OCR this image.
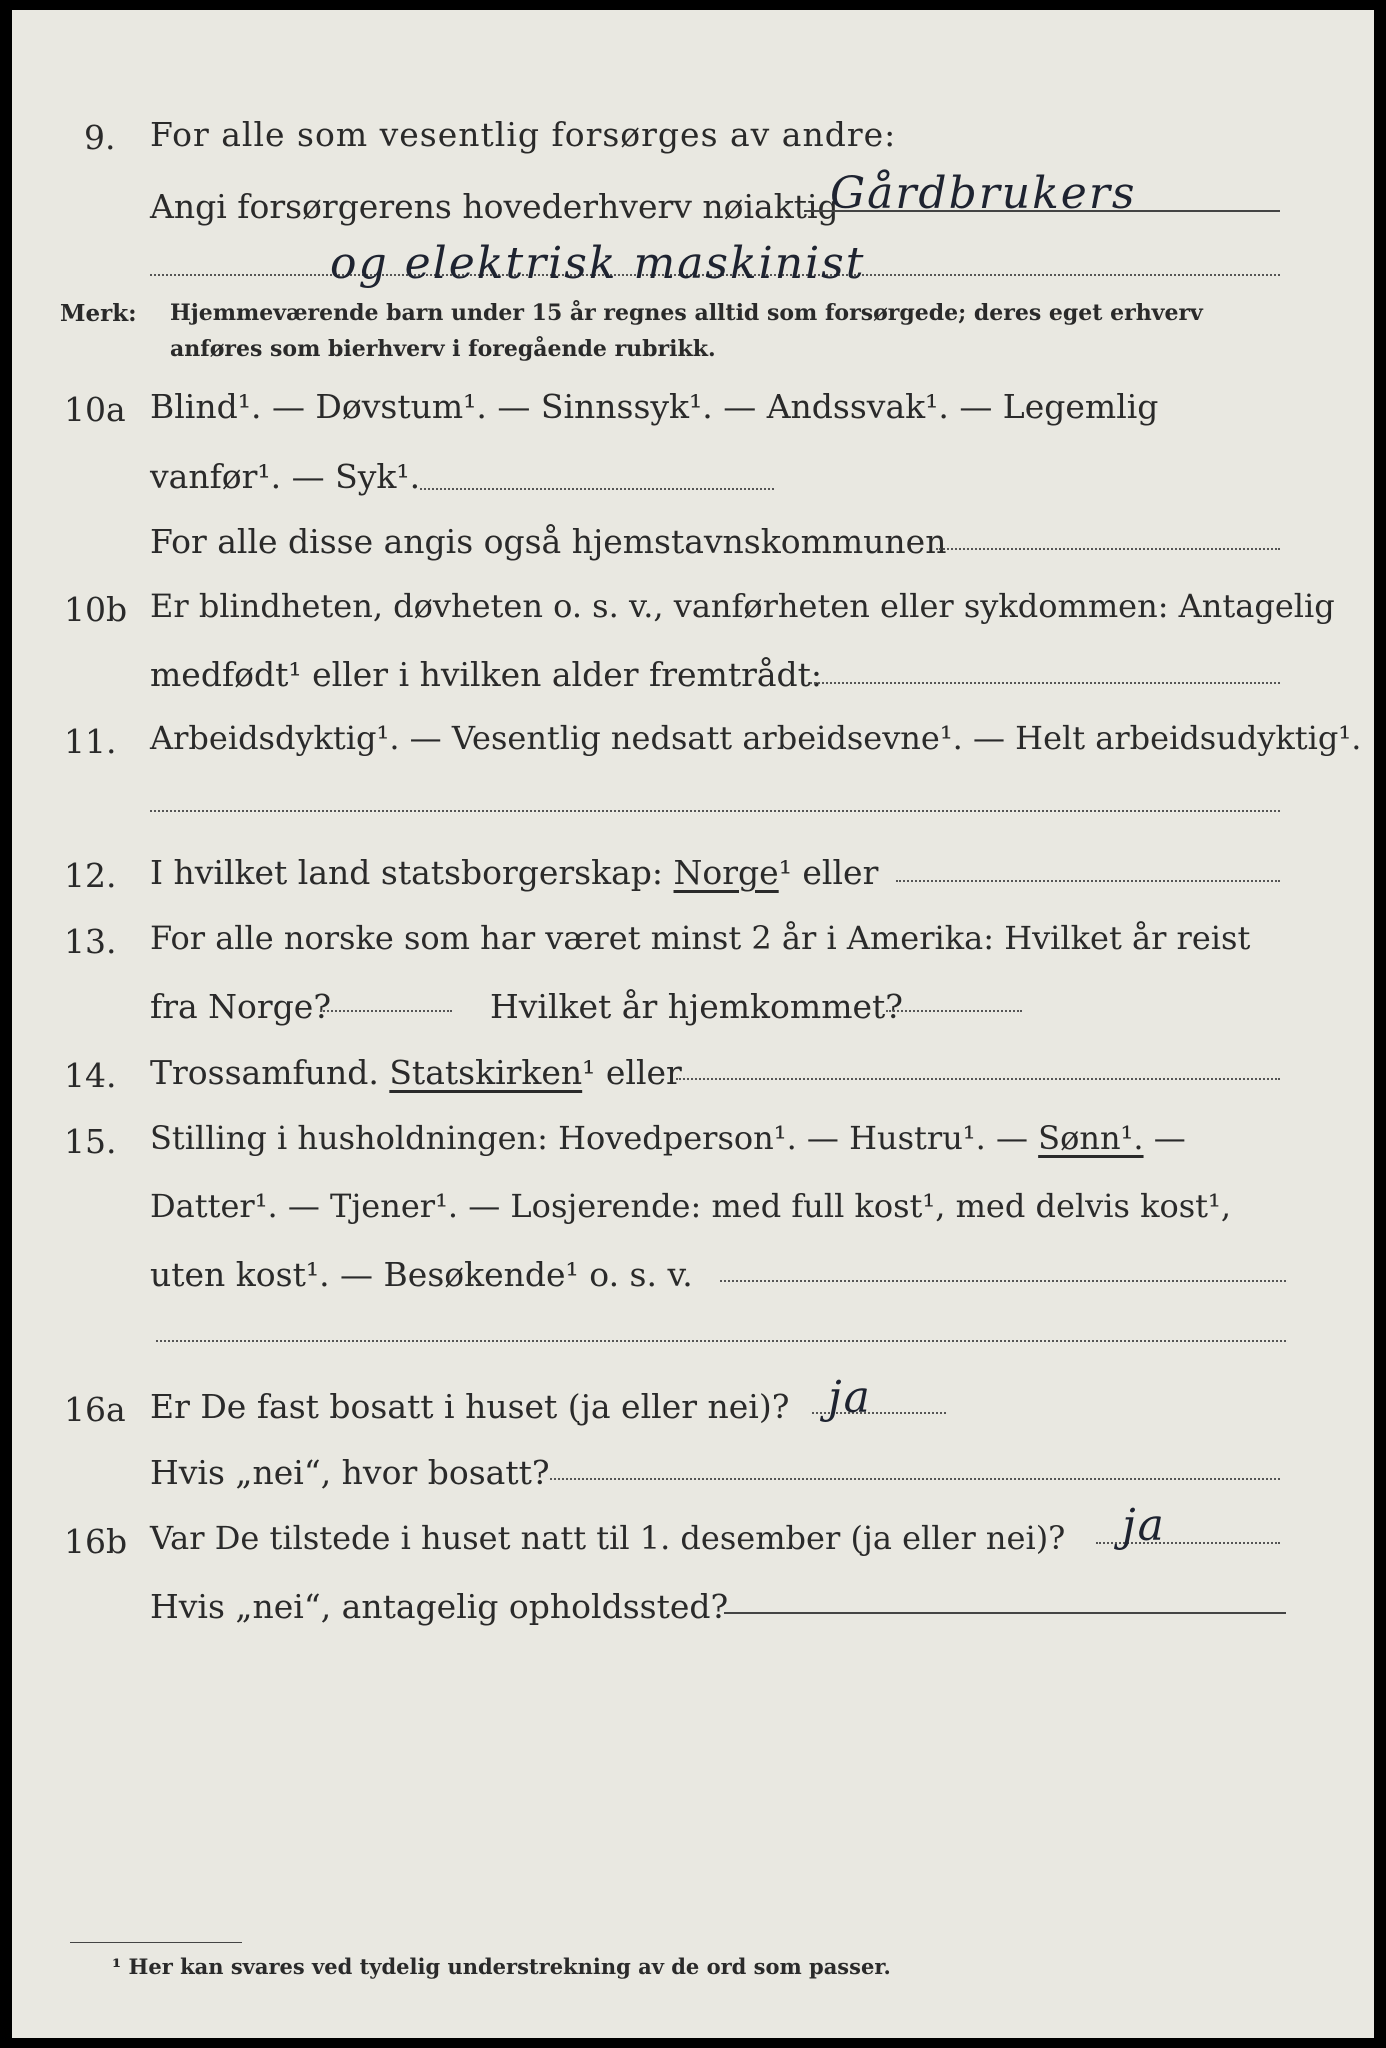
9. For alle som vesentlig forsørges av andre:
Angi forsørgerens hovederhverv nøiaktig
Gårdbrukers
og elektrisk maskinist
Merk: Hjemmeværende barn under 15 år regnes alltid som forsørgede; deres eget erhverv
anføres som bierhverv i foregående rubrikk.
10a Blind¹. — Døvstum¹. — Sinnssyk¹. — Andssvak¹. — Legemlig
vanfør¹. — Syk¹.
For alle disse angis også hjemstavnskommunen
10b Er blindheten, døvheten o. s. v., vanførheten eller sykdommen: Antagelig
medfødt¹ eller i hvilken alder fremtrådt:
11. Arbeidsdyktig¹. — Vesentlig nedsatt arbeidsevne¹. — Helt arbeidsudyktig¹.
12. I hvilket land statsborgerskap: Norge¹ eller
13. For alle norske som har været minst 2 år i Amerika: Hvilket år reist
fra Norge?	Hvilket år hjemkommet?
14. Trossamfund. Statskirken¹ eller
15. Stilling i husholdningen: Hovedperson¹. — Hustru¹. — Sønn¹. —
Datter¹. — Tjener¹. — Losjerende: med full kost¹, med delvis kost¹,
uten kost¹. — Besøkende¹ o. s. v.
16a Er De fast bosatt i huset (ja eller nei)? ja
Hvis „nei“, hvor bosatt?
16b Var De tilstede i huset natt til 1. desember (ja eller nei)? ja
Hvis „nei“, antagelig opholdssted?
¹ Her kan svares ved tydelig understrekning av de ord som passer.
